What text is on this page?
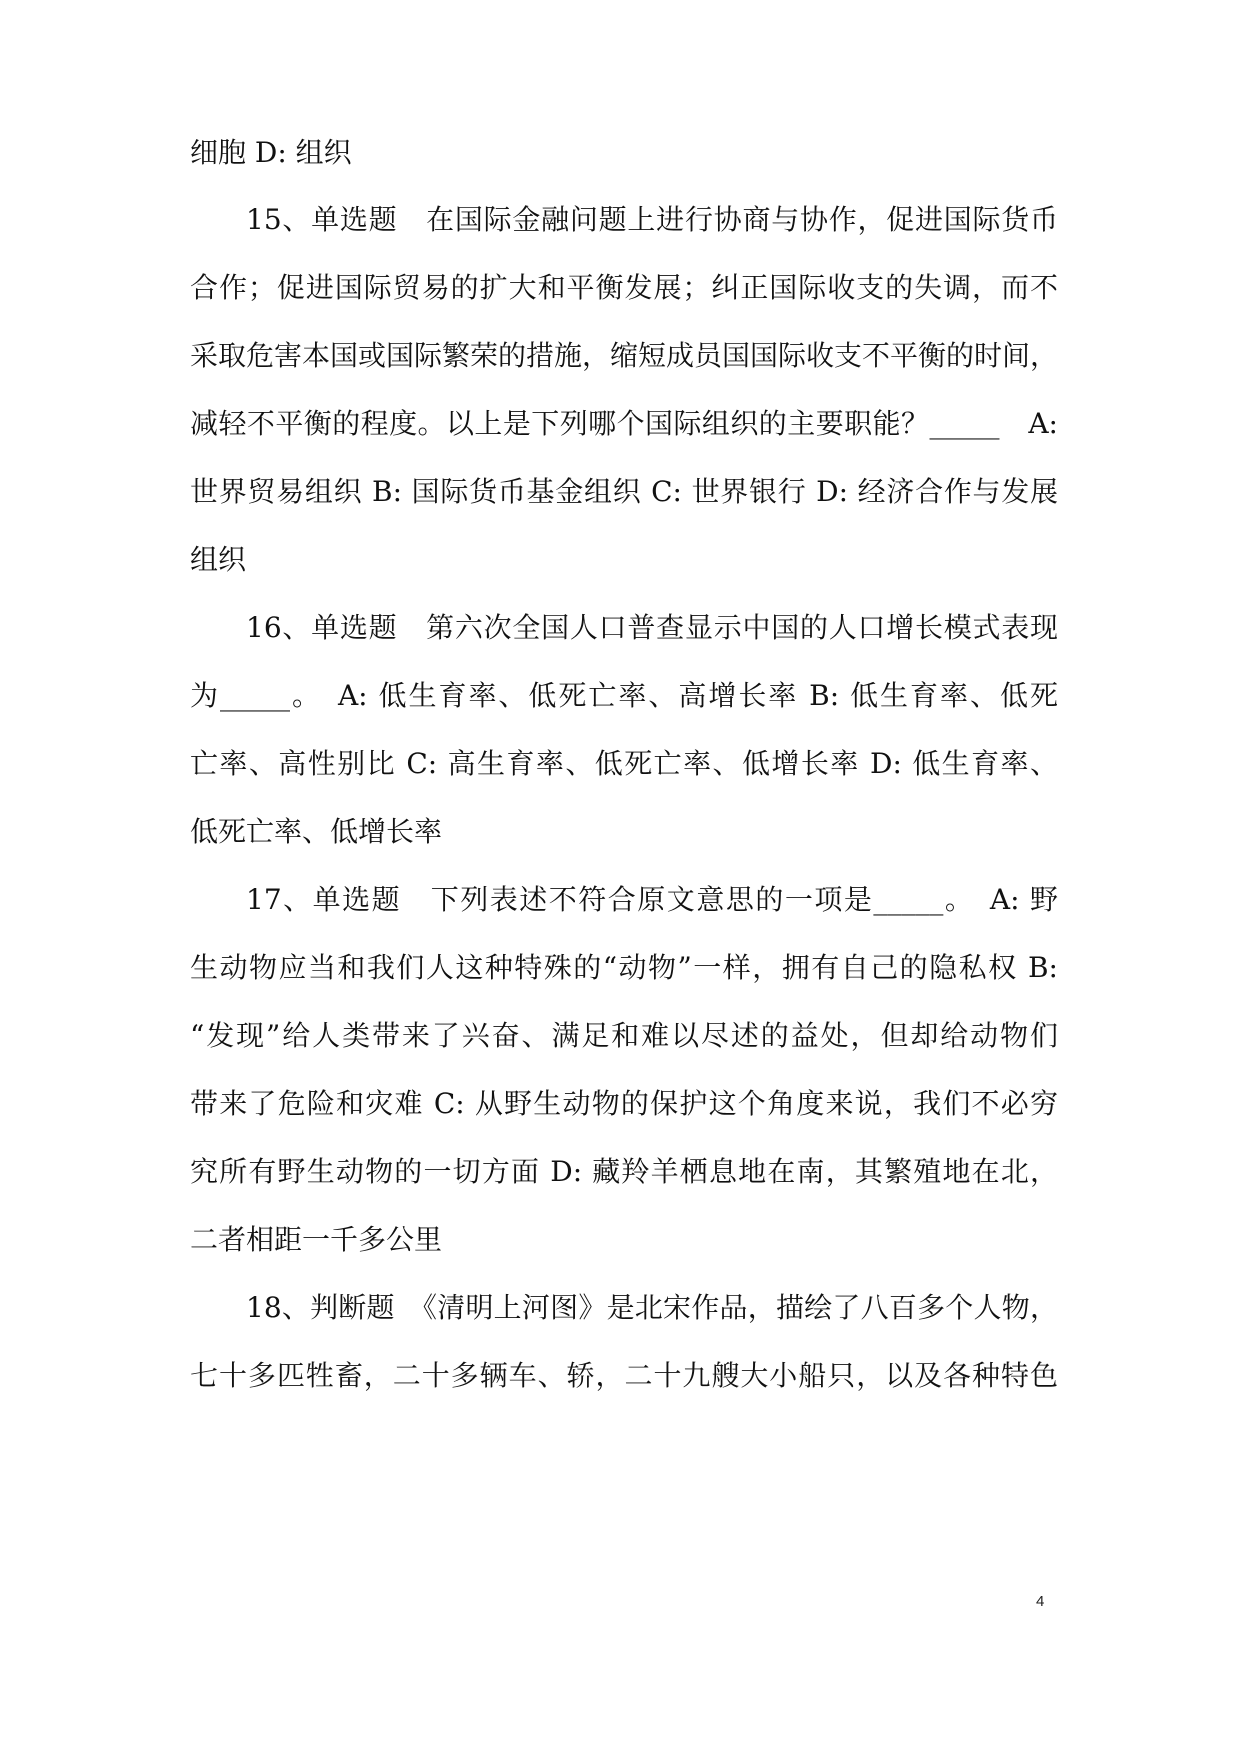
细胞 D: 组织
15、单选题　在国际金融问题上进行协商与协作，促进国际货币
合作；促进国际贸易的扩大和平衡发展；纠正国际收支的失调，而不
采取危害本国或国际繁荣的措施，缩短成员国国际收支不平衡的时间，
减轻不平衡的程度。以上是下列哪个国际组织的主要职能？_____　A:
世界贸易组织 B: 国际货币基金组织 C: 世界银行 D: 经济合作与发展
组织
16、单选题　第六次全国人口普查显示中国的人口增长模式表现
为_____。　A: 低生育率、低死亡率、高增长率 B: 低生育率、低死
亡率、高性别比 C: 高生育率、低死亡率、低增长率 D: 低生育率、
低死亡率、低增长率
17、单选题　下列表述不符合原文意思的一项是_____。　A: 野
生动物应当和我们人这种特殊的“动物”一样，拥有自己的隐私权 B:
“发现”给人类带来了兴奋、满足和难以尽述的益处，但却给动物们
带来了危险和灾难 C: 从野生动物的保护这个角度来说，我们不必穷
究所有野生动物的一切方面 D: 藏羚羊栖息地在南，其繁殖地在北，
二者相距一千多公里
18、判断题　《清明上河图》是北宋作品，描绘了八百多个人物，
七十多匹牲畜，二十多辆车、轿，二十九艘大小船只，以及各种特色
4
